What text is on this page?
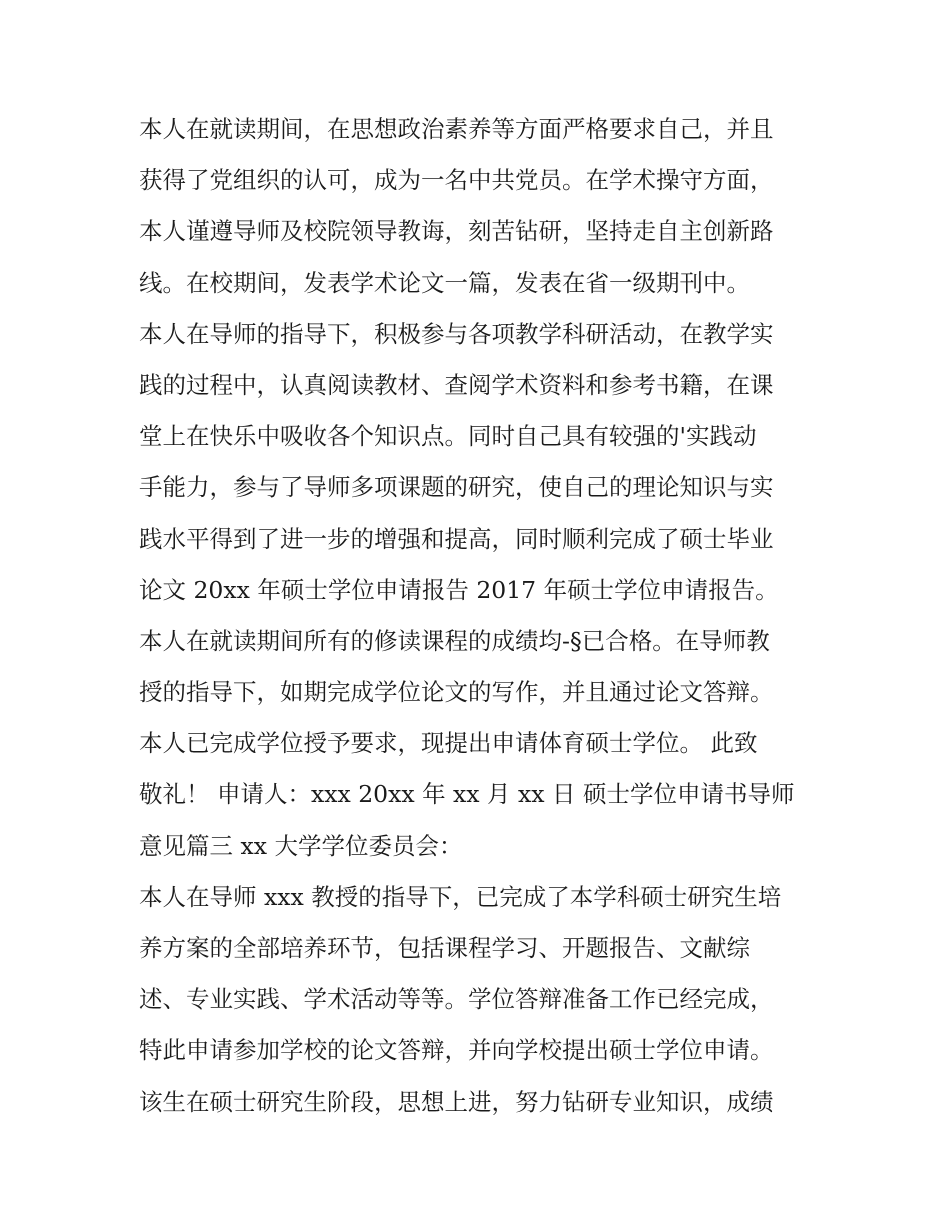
本人在就读期间，在思想政治素养等方面严格要求自己，并且
获得了党组织的认可，成为一名中共党员。在学术操守方面，
本人谨遵导师及校院领导教诲，刻苦钻研，坚持走自主创新路
线。在校期间，发表学术论文一篇，发表在省一级期刊中。
本人在导师的指导下，积极参与各项教学科研活动，在教学实
践的过程中，认真阅读教材、查阅学术资料和参考书籍，在课
堂上在快乐中吸收各个知识点。同时自己具有较强的'实践动
手能力，参与了导师多项课题的研究，使自己的理论知识与实
践水平得到了进一步的增强和提高，同时顺利完成了硕士毕业
论文 20xx 年硕士学位申请报告 2017 年硕士学位申请报告。
本人在就读期间所有的修读课程的成绩均-§已合格。在导师教
授的指导下，如期完成学位论文的写作，并且通过论文答辩。
本人已完成学位授予要求，现提出申请体育硕士学位。 此致
敬礼！ 申请人：xxx 20xx 年 xx 月 xx 日 硕士学位申请书导师
意见篇三 xx 大学学位委员会：
本人在导师 xxx 教授的指导下，已完成了本学科硕士研究生培
养方案的全部培养环节，包括课程学习、开题报告、文献综
述、专业实践、学术活动等等。学位答辩准备工作已经完成，
特此申请参加学校的论文答辩，并向学校提出硕士学位申请。
该生在硕士研究生阶段，思想上进，努力钻研专业知识，成绩
